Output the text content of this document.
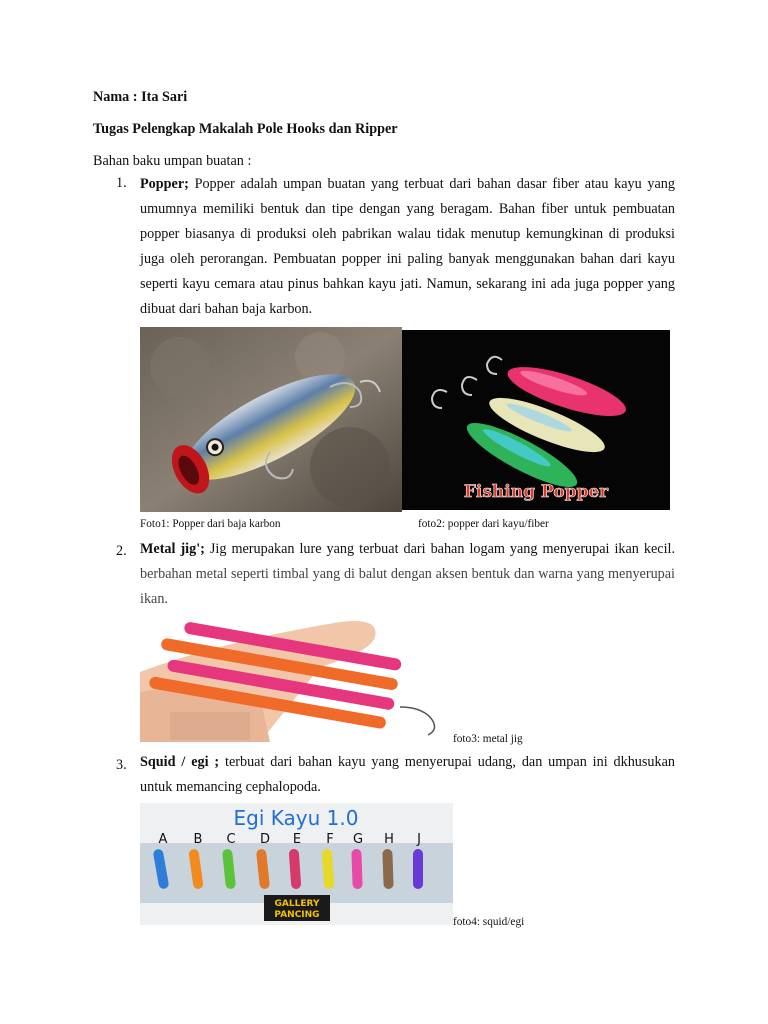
Nama : Ita Sari
Tugas Pelengkap Makalah Pole Hooks dan Ripper
Bahan baku umpan buatan :
1. Popper; Popper adalah umpan buatan yang terbuat dari bahan dasar fiber atau kayu yang umumnya memiliki bentuk dan tipe dengan yang beragam. Bahan fiber untuk pembuatan popper biasanya di produksi oleh pabrikan walau tidak menutup kemungkinan di produksi juga oleh perorangan. Pembuatan popper ini paling banyak menggunakan bahan dari kayu seperti kayu cemara atau pinus bahkan kayu jati. Namun, sekarang ini ada juga popper yang dibuat dari bahan baja karbon.
Fishing Popper
Foto1: Popper dari baja karbon	foto2: popper dari kayu/fiber
2. Metal jig'; Jig merupakan lure yang terbuat dari bahan logam yang menyerupai ikan kecil. berbahan metal seperti timbal yang di balut dengan aksen bentuk dan warna yang menyerupai ikan.
foto3: metal jig
3. Squid / egi ; terbuat dari bahan kayu yang menyerupai udang, dan umpan ini dkhusukan untuk memancing cephalopoda.
Egi Kayu 1.0
A B C D E F G H J
GALLERY
PANCING
foto4: squid/egi
